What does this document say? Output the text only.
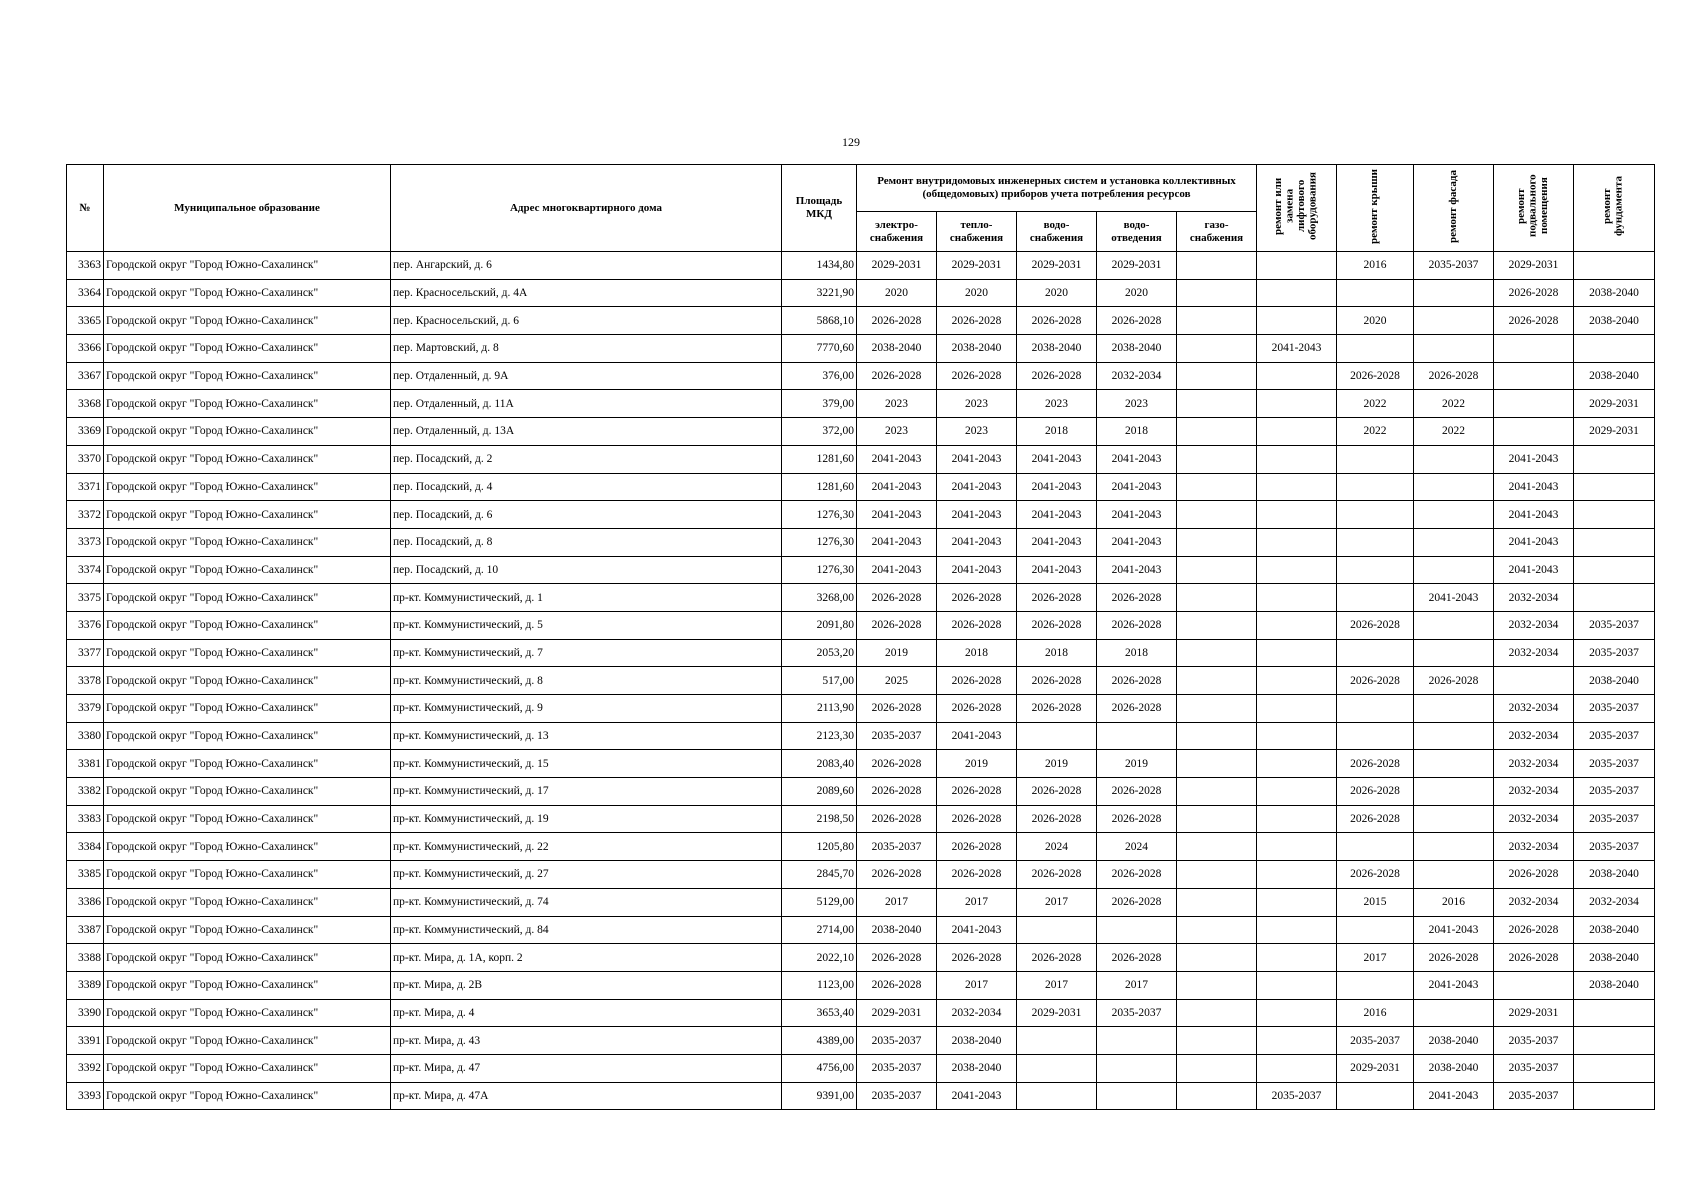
129
№	Муниципальное образование	Адрес многоквартирного дома	Площадь МКД	Ремонт внутридомовых инженерных систем и установка коллективных (общедомовых) приборов учета потребления ресурсов					ремонт или замена лифтового оборудования	ремонт крыши	ремонт фасада	ремонт подвального помещения	ремонт фундамента
				электро-снабжения	тепло-снабжения	водо-снабжения	водо-отведения	газо-снабжения					
3363	Городской округ "Город Южно-Сахалинск"	пер. Ангарский, д. 6	1434,80	2029-2031	2029-2031	2029-2031	2029-2031			2016	2035-2037	2029-2031	
3364	Городской округ "Город Южно-Сахалинск"	пер. Красносельский, д. 4А	3221,90	2020	2020	2020	2020					2026-2028	2038-2040
3365	Городской округ "Город Южно-Сахалинск"	пер. Красносельский, д. 6	5868,10	2026-2028	2026-2028	2026-2028	2026-2028			2020		2026-2028	2038-2040
3366	Городской округ "Город Южно-Сахалинск"	пер. Мартовский, д. 8	7770,60	2038-2040	2038-2040	2038-2040	2038-2040		2041-2043				
3367	Городской округ "Город Южно-Сахалинск"	пер. Отдаленный, д. 9А	376,00	2026-2028	2026-2028	2026-2028	2032-2034			2026-2028	2026-2028		2038-2040
3368	Городской округ "Город Южно-Сахалинск"	пер. Отдаленный, д. 11А	379,00	2023	2023	2023	2023			2022	2022		2029-2031
3369	Городской округ "Город Южно-Сахалинск"	пер. Отдаленный, д. 13А	372,00	2023	2023	2018	2018			2022	2022		2029-2031
3370	Городской округ "Город Южно-Сахалинск"	пер. Посадский, д. 2	1281,60	2041-2043	2041-2043	2041-2043	2041-2043					2041-2043	
3371	Городской округ "Город Южно-Сахалинск"	пер. Посадский, д. 4	1281,60	2041-2043	2041-2043	2041-2043	2041-2043					2041-2043	
3372	Городской округ "Город Южно-Сахалинск"	пер. Посадский, д. 6	1276,30	2041-2043	2041-2043	2041-2043	2041-2043					2041-2043	
3373	Городской округ "Город Южно-Сахалинск"	пер. Посадский, д. 8	1276,30	2041-2043	2041-2043	2041-2043	2041-2043					2041-2043	
3374	Городской округ "Город Южно-Сахалинск"	пер. Посадский, д. 10	1276,30	2041-2043	2041-2043	2041-2043	2041-2043					2041-2043	
3375	Городской округ "Город Южно-Сахалинск"	пр-кт. Коммунистический, д. 1	3268,00	2026-2028	2026-2028	2026-2028	2026-2028				2041-2043	2032-2034	
3376	Городской округ "Город Южно-Сахалинск"	пр-кт. Коммунистический, д. 5	2091,80	2026-2028	2026-2028	2026-2028	2026-2028			2026-2028		2032-2034	2035-2037
3377	Городской округ "Город Южно-Сахалинск"	пр-кт. Коммунистический, д. 7	2053,20	2019	2018	2018	2018					2032-2034	2035-2037
3378	Городской округ "Город Южно-Сахалинск"	пр-кт. Коммунистический, д. 8	517,00	2025	2026-2028	2026-2028	2026-2028			2026-2028	2026-2028		2038-2040
3379	Городской округ "Город Южно-Сахалинск"	пр-кт. Коммунистический, д. 9	2113,90	2026-2028	2026-2028	2026-2028	2026-2028					2032-2034	2035-2037
3380	Городской округ "Город Южно-Сахалинск"	пр-кт. Коммунистический, д. 13	2123,30	2035-2037	2041-2043							2032-2034	2035-2037
3381	Городской округ "Город Южно-Сахалинск"	пр-кт. Коммунистический, д. 15	2083,40	2026-2028	2019	2019	2019			2026-2028		2032-2034	2035-2037
3382	Городской округ "Город Южно-Сахалинск"	пр-кт. Коммунистический, д. 17	2089,60	2026-2028	2026-2028	2026-2028	2026-2028			2026-2028		2032-2034	2035-2037
3383	Городской округ "Город Южно-Сахалинск"	пр-кт. Коммунистический, д. 19	2198,50	2026-2028	2026-2028	2026-2028	2026-2028			2026-2028		2032-2034	2035-2037
3384	Городской округ "Город Южно-Сахалинск"	пр-кт. Коммунистический, д. 22	1205,80	2035-2037	2026-2028	2024	2024					2032-2034	2035-2037
3385	Городской округ "Город Южно-Сахалинск"	пр-кт. Коммунистический, д. 27	2845,70	2026-2028	2026-2028	2026-2028	2026-2028			2026-2028		2026-2028	2038-2040
3386	Городской округ "Город Южно-Сахалинск"	пр-кт. Коммунистический, д. 74	5129,00	2017	2017	2017	2026-2028			2015	2016	2032-2034	2032-2034
3387	Городской округ "Город Южно-Сахалинск"	пр-кт. Коммунистический, д. 84	2714,00	2038-2040	2041-2043						2041-2043	2026-2028	2038-2040
3388	Городской округ "Город Южно-Сахалинск"	пр-кт. Мира, д. 1А, корп. 2	2022,10	2026-2028	2026-2028	2026-2028	2026-2028			2017	2026-2028	2026-2028	2038-2040
3389	Городской округ "Город Южно-Сахалинск"	пр-кт. Мира, д. 2В	1123,00	2026-2028	2017	2017	2017				2041-2043		2038-2040
3390	Городской округ "Город Южно-Сахалинск"	пр-кт. Мира, д. 4	3653,40	2029-2031	2032-2034	2029-2031	2035-2037			2016		2029-2031	
3391	Городской округ "Город Южно-Сахалинск"	пр-кт. Мира, д. 43	4389,00	2035-2037	2038-2040					2035-2037	2038-2040	2035-2037	
3392	Городской округ "Город Южно-Сахалинск"	пр-кт. Мира, д. 47	4756,00	2035-2037	2038-2040					2029-2031	2038-2040	2035-2037	
3393	Городской округ "Город Южно-Сахалинск"	пр-кт. Мира, д. 47А	9391,00	2035-2037	2041-2043				2035-2037		2041-2043	2035-2037	
